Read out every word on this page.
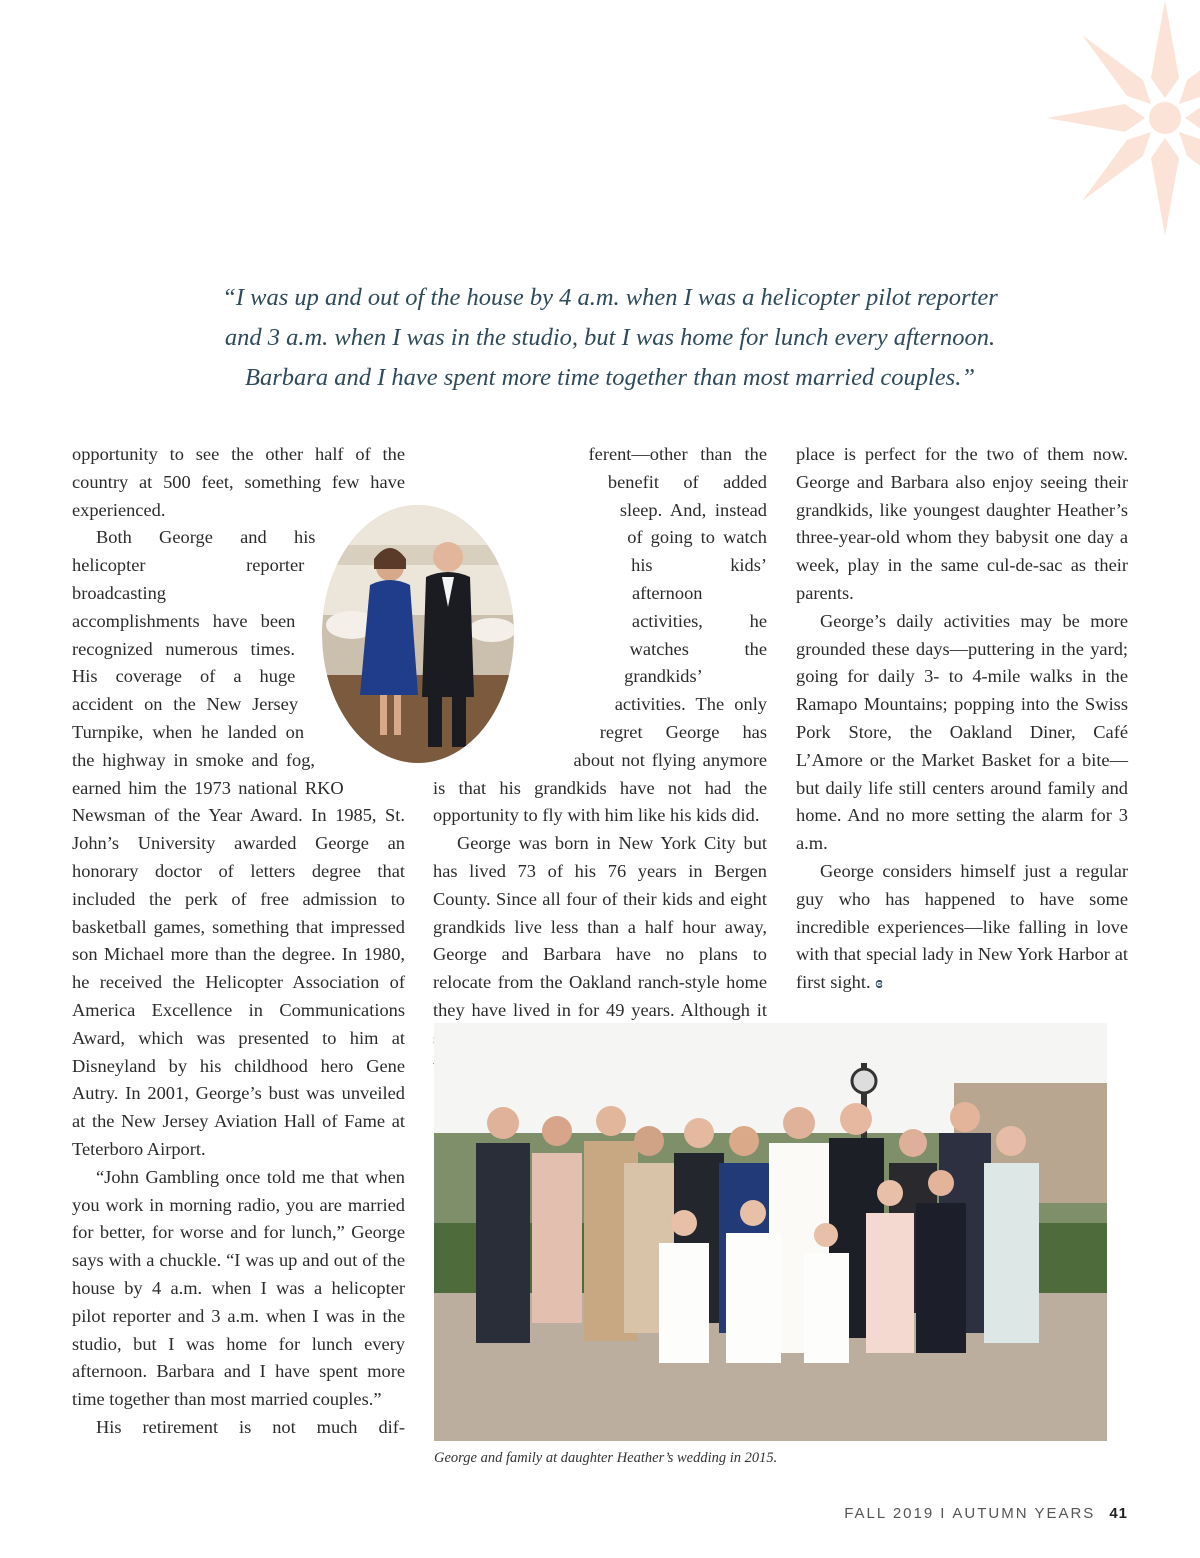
“I was up and out of the house by 4 a.m. when I was a helicopter pilot reporter

and 3 a.m. when I was in the studio, but I was home for lunch every afternoon.

Barbara and I have spent more time together than most married couples.”

opportunity to see the other half of the country at 500 feet, something few have experienced.

Both George and his helicopter reporter broadcasting accomplishments have been recognized numerous times. His coverage of a huge accident on the New Jersey Turnpike, when he landed on the highway in smoke and fog, earned him the 1973 national RKO Newsman of the Year Award. In 1985, St. John’s University awarded George an honorary doctor of letters degree that included the perk of free admission to basketball games, something that impressed son Michael more than the degree. In 1980, he received the Helicopter Association of America Excellence in Communications Award, which was presented to him at Disneyland by his childhood hero Gene Autry. In 2001, George’s bust was unveiled at the New Jersey Aviation Hall of Fame at Teterboro Airport.

“John Gambling once told me that when you work in morning radio, you are married for better, for worse and for lunch,” George says with a chuckle. “I was up and out of the house by 4 a.m. when I was a helicopter pilot reporter and 3 a.m. when I was in the studio, but I was home for lunch every afternoon. Barbara and I have spent more time together than most married couples.”

His retirement is not much dif-

ferent—other than the benefit of added sleep. And, instead of going to watch his kids’ afternoon activities, he watches the grandkids’ activities. The only regret George has about not flying anymore is that his grandkids have not had the opportunity to fly with him like his kids did.

George was born in New York City but has lived 73 of his 76 years in Bergen County. Since all four of their kids and eight grandkids live less than a half hour away, George and Barbara have no plans to relocate from the Oakland ranch-style home they have lived in for 49 years. Although it

place is perfect for the two of them now. George and Barbara also enjoy seeing their grandkids, like youngest daughter Heather’s three-year-old whom they babysit one day a week, play in the same cul-de-sac as their parents.

George’s daily activities may be more grounded these days—puttering in the yard; going for daily 3- to 4-mile walks in the Ramapo Mountains; popping into the Swiss Pork Store, the Oakland Diner, Café L’Amore or the Market Basket for a bite—but daily life still centers around family and home. And no more setting the alarm for 3 a.m.

George considers himself just a regular guy who has happened to have some incredible experiences—like falling in love with that special lady in New York Harbor at first sight. ɞ

George and family at daughter Heather’s wedding in 2015.
FALL 2019 I AUTUMN YEARS 41
